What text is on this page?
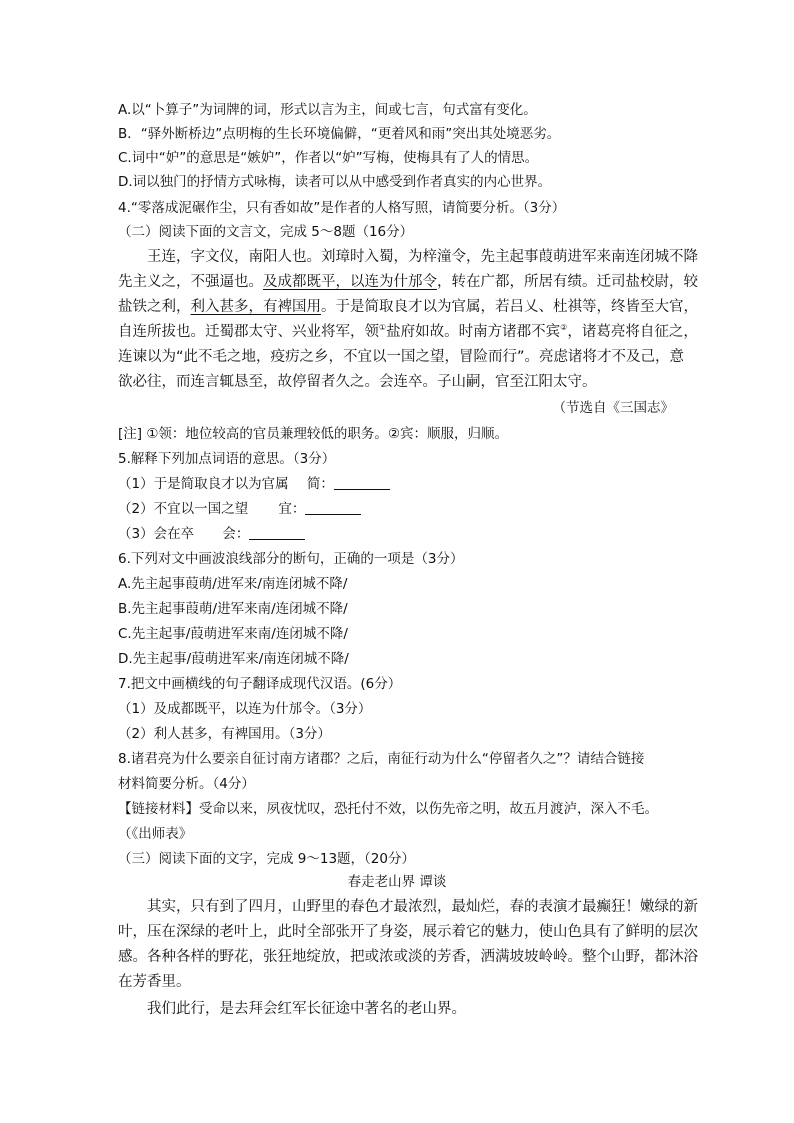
A.以“卜算子”为词牌的词，形式以言为主，间或七言，句式富有变化。
B．“驿外断桥边”点明梅的生长环境偏僻，“更着风和雨”突出其处境恶劣。
C.词中“妒”的意思是“嫉妒”，作者以“妒”写梅，使梅具有了人的情思。
D.词以独门的抒情方式咏梅，读者可以从中感受到作者真实的内心世界。
4.“零落成泥碾作尘，只有香如故”是作者的人格写照，请简要分析。（3分）
（二）阅读下面的文言文，完成 5～8题（16分）
王连，字文仪，南阳人也。刘璋时入蜀，为梓潼令，先主起事葭萌进军来南连闭城不降
先主义之，不强逼也。及成都既平，以连为什邡令，转在广都，所居有绩。迁司盐校尉，较
盐铁之利，利入甚多，有裨国用。于是简取良才以为官属，若吕乂、杜祺等，终皆至大官，
自连所拔也。迁蜀郡太守、兴业将军，领①盐府如故。时南方诸郡不宾②，诸葛亮将自征之，
连谏以为“此不毛之地，疫疠之乡，不宜以一国之望，冒险而行”。亮虑诸将才不及己，意
欲必往，而连言辄恳至，故停留者久之。会连卒。子山嗣，官至江阳太守。
（节选自《三国志》
[注] ①领：地位较高的官员兼理较低的职务。②宾：顺服，归顺。
5.解释下列加点词语的意思。（3分）
（1）于是简取良才以为官属 简：
（2）不宜以一国之望 宜：
（3）会在卒 会：
6.下列对文中画波浪线部分的断句，正确的一项是（3分）
A.先主起事葭萌/进军来/南连闭城不降/
B.先主起事葭萌/进军来南/连闭城不降/
C.先主起事/葭萌进军来南/连闭城不降/
D.先主起事/葭萌进军来/南连闭城不降/
7.把文中画横线的句子翻译成现代汉语。(6分）
（1）及成都既平，以连为什邡令。（3分）
（2）利人甚多，有裨国用。（3分）
8.诸君亮为什么要亲自征讨南方诸郡？之后，南征行动为什么“停留者久之”？请结合链接
材料简要分析。（4分）
【链接材料】受命以来，夙夜忧叹，恐托付不效，以伤先帝之明，故五月渡泸，深入不毛。
（《出师表》
（三）阅读下面的文字，完成 9～13题，（20分）
春走老山界 谭谈
其实，只有到了四月，山野里的春色才最浓烈，最灿烂，春的表演才最癫狂！嫩绿的新
叶，压在深绿的老叶上，此时全部张开了身姿，展示着它的魅力，使山色具有了鲜明的层次
感。各种各样的野花，张狂地绽放，把或浓或淡的芳香，洒满坡坡岭岭。整个山野，都沐浴
在芳香里。
我们此行，是去拜会红军长征途中著名的老山界。
